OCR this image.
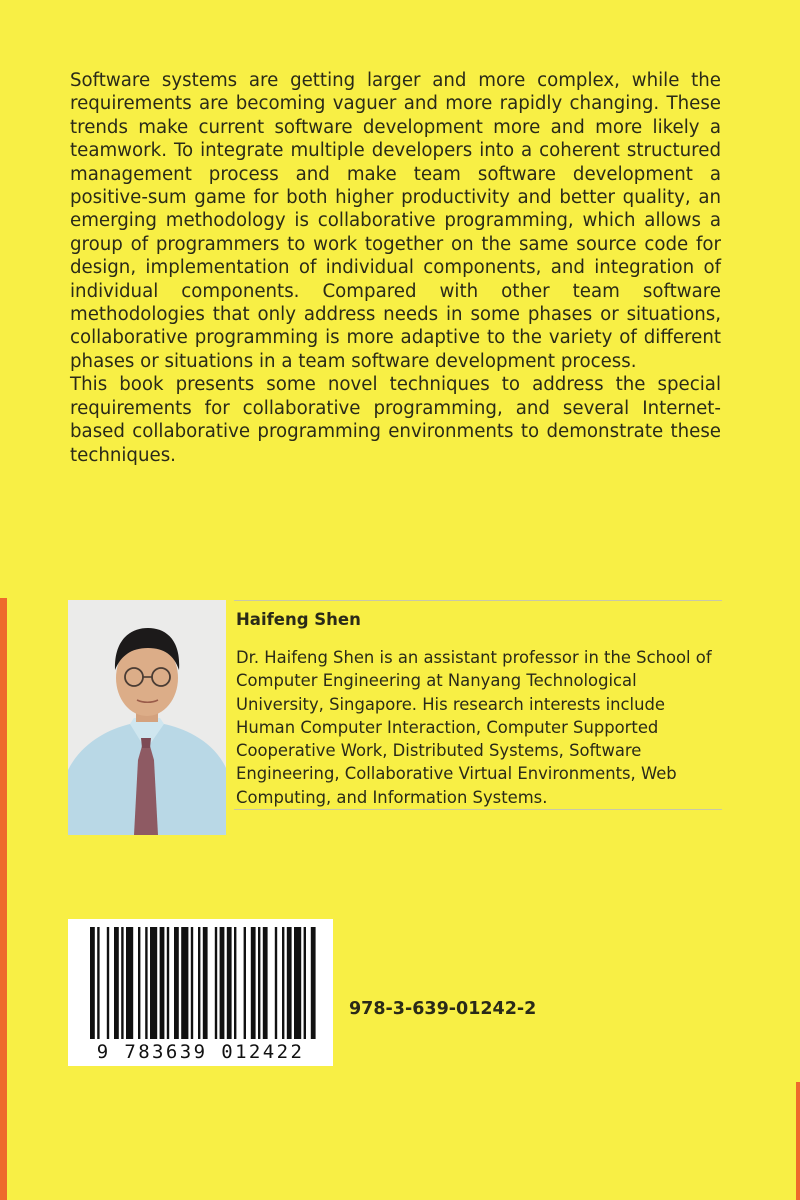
Software systems are getting larger and more complex, while the requirements are becoming vaguer and more rapidly changing. These trends make current software development more and more likely a teamwork. To integrate multiple developers into a coherent structured management process and make team software development a positive-sum game for both higher productivity and better quality, an emerging methodology is collaborative programming, which allows a group of programmers to work together on the same source code for design, implementation of individual components, and integration of individual components. Compared with other team software methodologies that only address needs in some phases or situations, collaborative programming is more adaptive to the variety of different phases or situations in a team software development process.

This book presents some novel techniques to address the special requirements for collaborative programming, and several Internet-based collaborative programming environments to demonstrate these techniques.

Haifeng Shen
Dr. Haifeng Shen is an assistant professor in the School of Computer Engineering at Nanyang Technological University, Singapore. His research interests include Human Computer Interaction, Computer Supported Cooperative Work, Distributed Systems, Software Engineering, Collaborative Virtual Environments, Web Computing, and Information Systems.
9 783639 012422
978-3-639-01242-2
